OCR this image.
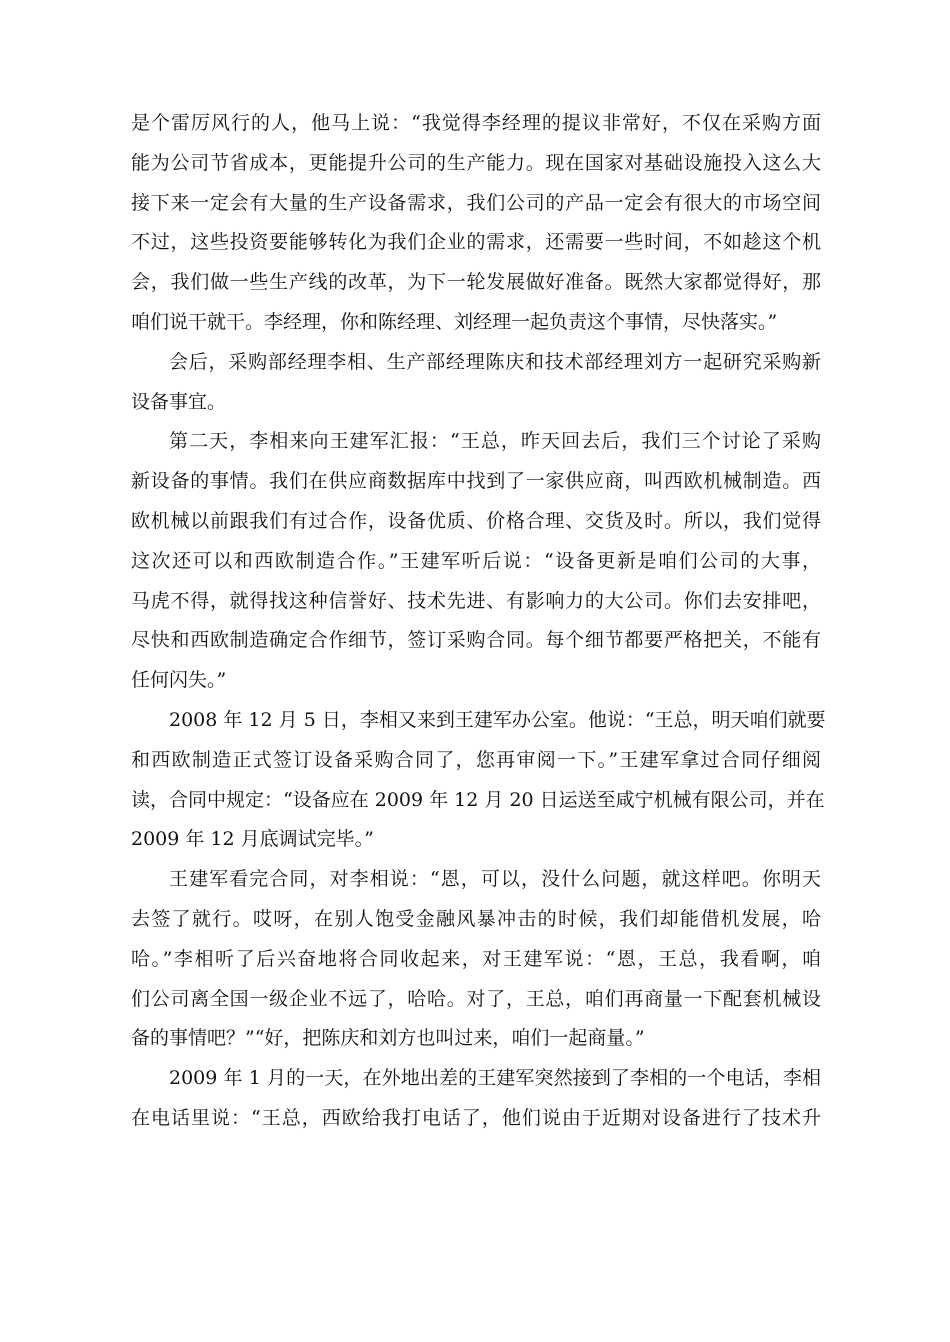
是个雷厉风行的人，他马上说：“我觉得李经理的提议非常好，不仅在采购方面
能为公司节省成本，更能提升公司的生产能力。现在国家对基础设施投入这么大
接下来一定会有大量的生产设备需求，我们公司的产品一定会有很大的市场空间
不过，这些投资要能够转化为我们企业的需求，还需要一些时间，不如趁这个机
会，我们做一些生产线的改革，为下一轮发展做好准备。既然大家都觉得好，那
咱们说干就干。李经理，你和陈经理、刘经理一起负责这个事情，尽快落实。”
会后，采购部经理李相、生产部经理陈庆和技术部经理刘方一起研究采购新
设备事宜。
第二天，李相来向王建军汇报：“王总，昨天回去后，我们三个讨论了采购
新设备的事情。我们在供应商数据库中找到了一家供应商，叫西欧机械制造。西
欧机械以前跟我们有过合作，设备优质、价格合理、交货及时。所以，我们觉得
这次还可以和西欧制造合作。”王建军听后说：“设备更新是咱们公司的大事，
马虎不得，就得找这种信誉好、技术先进、有影响力的大公司。你们去安排吧，
尽快和西欧制造确定合作细节，签订采购合同。每个细节都要严格把关，不能有
任何闪失。”
2008 年 12 月 5 日，李相又来到王建军办公室。他说：“王总，明天咱们就要
和西欧制造正式签订设备采购合同了，您再审阅一下。”王建军拿过合同仔细阅
读，合同中规定：“设备应在 2009 年 12 月 20 日运送至咸宁机械有限公司，并在
2009 年 12 月底调试完毕。”
王建军看完合同，对李相说：“恩，可以，没什么问题，就这样吧。你明天
去签了就行。哎呀，在别人饱受金融风暴冲击的时候，我们却能借机发展，哈
哈。”李相听了后兴奋地将合同收起来，对王建军说：“恩，王总，我看啊，咱
们公司离全国一级企业不远了，哈哈。对了，王总，咱们再商量一下配套机械设
备的事情吧？”“好，把陈庆和刘方也叫过来，咱们一起商量。”
2009 年 1 月的一天，在外地出差的王建军突然接到了李相的一个电话，李相
在电话里说：“王总，西欧给我打电话了，他们说由于近期对设备进行了技术升
